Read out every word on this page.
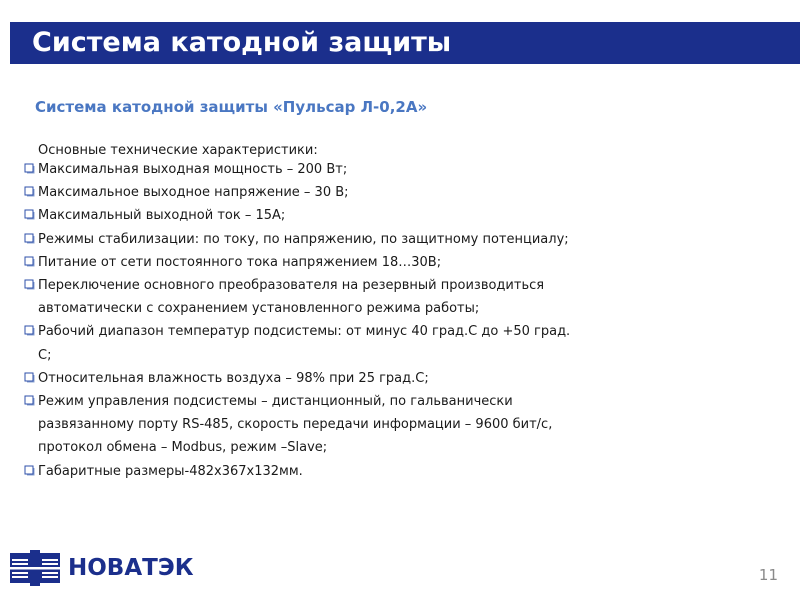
Система катодной защиты
Система катодной защиты «Пульсар Л-0,2А»
Основные технические характеристики:
Максимальная выходная мощность – 200 Вт;
Максимальное выходное напряжение – 30 В;
Максимальный выходной ток – 15А;
Режимы стабилизации: по току, по напряжению, по защитному потенциалу;
Питание от сети постоянного тока напряжением 18…30В;
Переключение основного преобразователя на резервный производиться
автоматически с сохранением установленного режима работы;
Рабочий диапазон температур подсистемы: от минус 40 град.С до +50 град.
С;
Относительная влажность воздуха – 98% при 25 град.С;
Режим управления подсистемы – дистанционный, по гальванически
развязанному порту RS-485, скорость передачи информации – 9600 бит/с,
протокол обмена – Modbus, режим –Slave;
Габаритные размеры-482х367х132мм.
НОВАТЭК	11
